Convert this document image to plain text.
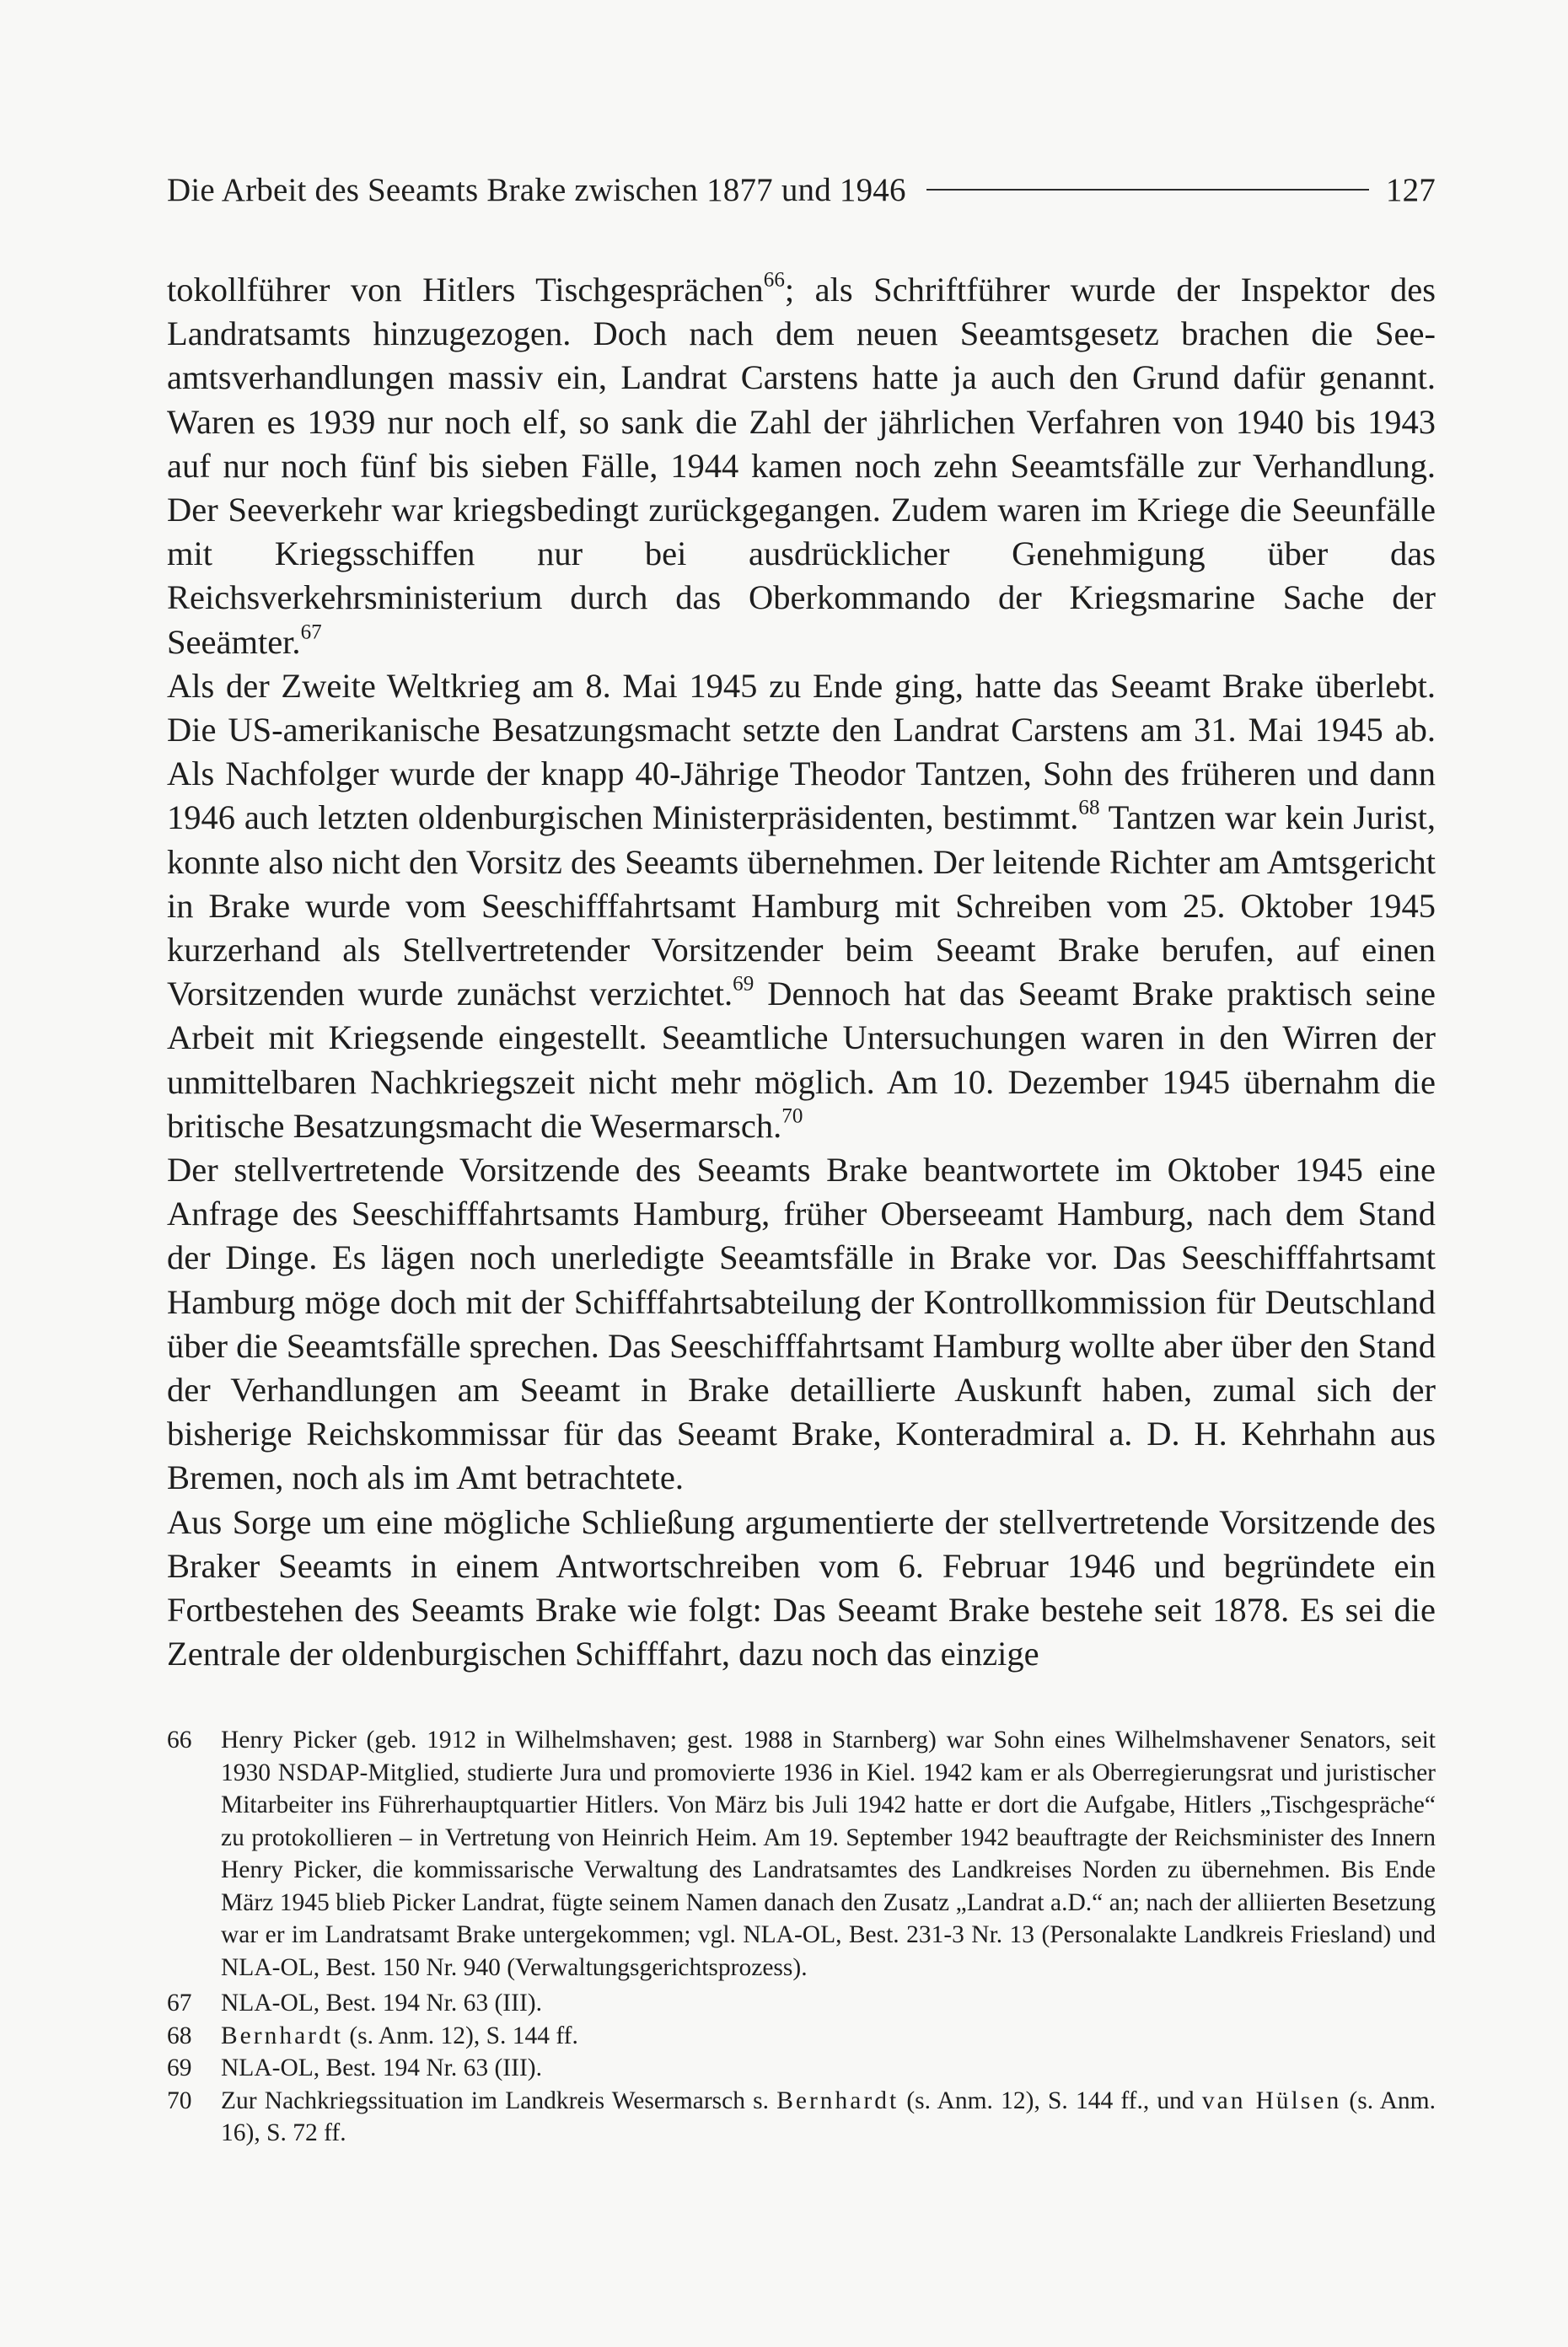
Die Arbeit des Seeamts Brake zwischen 1877 und 1946	127

tokollführer von Hitlers Tischgesprächen$^{66}$; als Schriftführer wurde der Inspektor des Landratsamts hinzugezogen. Doch nach dem neuen Seeamtsgesetz brachen die Seeamtsverhandlungen massiv ein, Landrat Carstens hatte ja auch den Grund dafür genannt. Waren es 1939 nur noch elf, so sank die Zahl der jährlichen Verfahren von 1940 bis 1943 auf nur noch fünf bis sieben Fälle, 1944 kamen noch zehn Seeamtsfälle zur Verhandlung. Der Seeverkehr war kriegsbedingt zurückgegangen. Zudem waren im Kriege die Seeunfälle mit Kriegsschiffen nur bei ausdrücklicher Genehmigung über das Reichsverkehrsministerium durch das Oberkommando der Kriegsmarine Sache der Seeämter.$^{67}$

Als der Zweite Weltkrieg am 8. Mai 1945 zu Ende ging, hatte das Seeamt Brake überlebt. Die US-amerikanische Besatzungsmacht setzte den Landrat Carstens am 31. Mai 1945 ab. Als Nachfolger wurde der knapp 40-Jährige Theodor Tantzen, Sohn des früheren und dann 1946 auch letzten oldenburgischen Ministerpräsidenten, bestimmt.$^{68}$ Tantzen war kein Jurist, konnte also nicht den Vorsitz des Seeamts übernehmen. Der leitende Richter am Amtsgericht in Brake wurde vom Seeschifffahrtsamt Hamburg mit Schreiben vom 25. Oktober 1945 kurzerhand als Stellvertretender Vorsitzender beim Seeamt Brake berufen, auf einen Vorsitzenden wurde zunächst verzichtet.$^{69}$ Dennoch hat das Seeamt Brake praktisch seine Arbeit mit Kriegsende eingestellt. Seeamtliche Untersuchungen waren in den Wirren der unmittelbaren Nachkriegszeit nicht mehr möglich. Am 10. Dezember 1945 übernahm die britische Besatzungsmacht die Wesermarsch.$^{70}$

Der stellvertretende Vorsitzende des Seeamts Brake beantwortete im Oktober 1945 eine Anfrage des Seeschifffahrtsamts Hamburg, früher Oberseeamt Hamburg, nach dem Stand der Dinge. Es lägen noch unerledigte Seeamtsfälle in Brake vor. Das Seeschifffahrtsamt Hamburg möge doch mit der Schifffahrtsabteilung der Kontrollkommission für Deutschland über die Seeamtsfälle sprechen. Das Seeschifffahrtsamt Hamburg wollte aber über den Stand der Verhandlungen am Seeamt in Brake detaillierte Auskunft haben, zumal sich der bisherige Reichskommissar für das Seeamt Brake, Konteradmiral a. D. H. Kehrhahn aus Bremen, noch als im Amt betrachtete.

Aus Sorge um eine mögliche Schließung argumentierte der stellvertretende Vorsitzende des Braker Seeamts in einem Antwortschreiben vom 6. Februar 1946 und begründete ein Fortbestehen des Seeamts Brake wie folgt: Das Seeamt Brake bestehe seit 1878. Es sei die Zentrale der oldenburgischen Schifffahrt, dazu noch das einzige

66	Henry Picker (geb. 1912 in Wilhelmshaven; gest. 1988 in Starnberg) war Sohn eines Wilhelmshavener Senators, seit 1930 NSDAP-Mitglied, studierte Jura und promovierte 1936 in Kiel. 1942 kam er als Oberregierungsrat und juristischer Mitarbeiter ins Führerhauptquartier Hitlers. Von März bis Juli 1942 hatte er dort die Aufgabe, Hitlers „Tischgespräche“ zu protokollieren – in Vertretung von Heinrich Heim. Am 19. September 1942 beauftragte der Reichsminister des Innern Henry Picker, die kommissarische Verwaltung des Landratsamtes des Landkreises Norden zu übernehmen. Bis Ende März 1945 blieb Picker Landrat, fügte seinem Namen danach den Zusatz „Landrat a.D.“ an; nach der alliierten Besetzung war er im Landratsamt Brake untergekommen; vgl. NLA-OL, Best. 231-3 Nr. 13 (Personalakte Landkreis Friesland) und NLA-OL, Best. 150 Nr. 940 (Verwaltungsgerichtsprozess).
67	NLA-OL, Best. 194 Nr. 63 (III).
68	Bernhardt (s. Anm. 12), S. 144 ff.
69	NLA-OL, Best. 194 Nr. 63 (III).
70	Zur Nachkriegssituation im Landkreis Wesermarsch s. Bernhardt (s. Anm. 12), S. 144 ff., und van Hülsen (s. Anm. 16), S. 72 ff.
